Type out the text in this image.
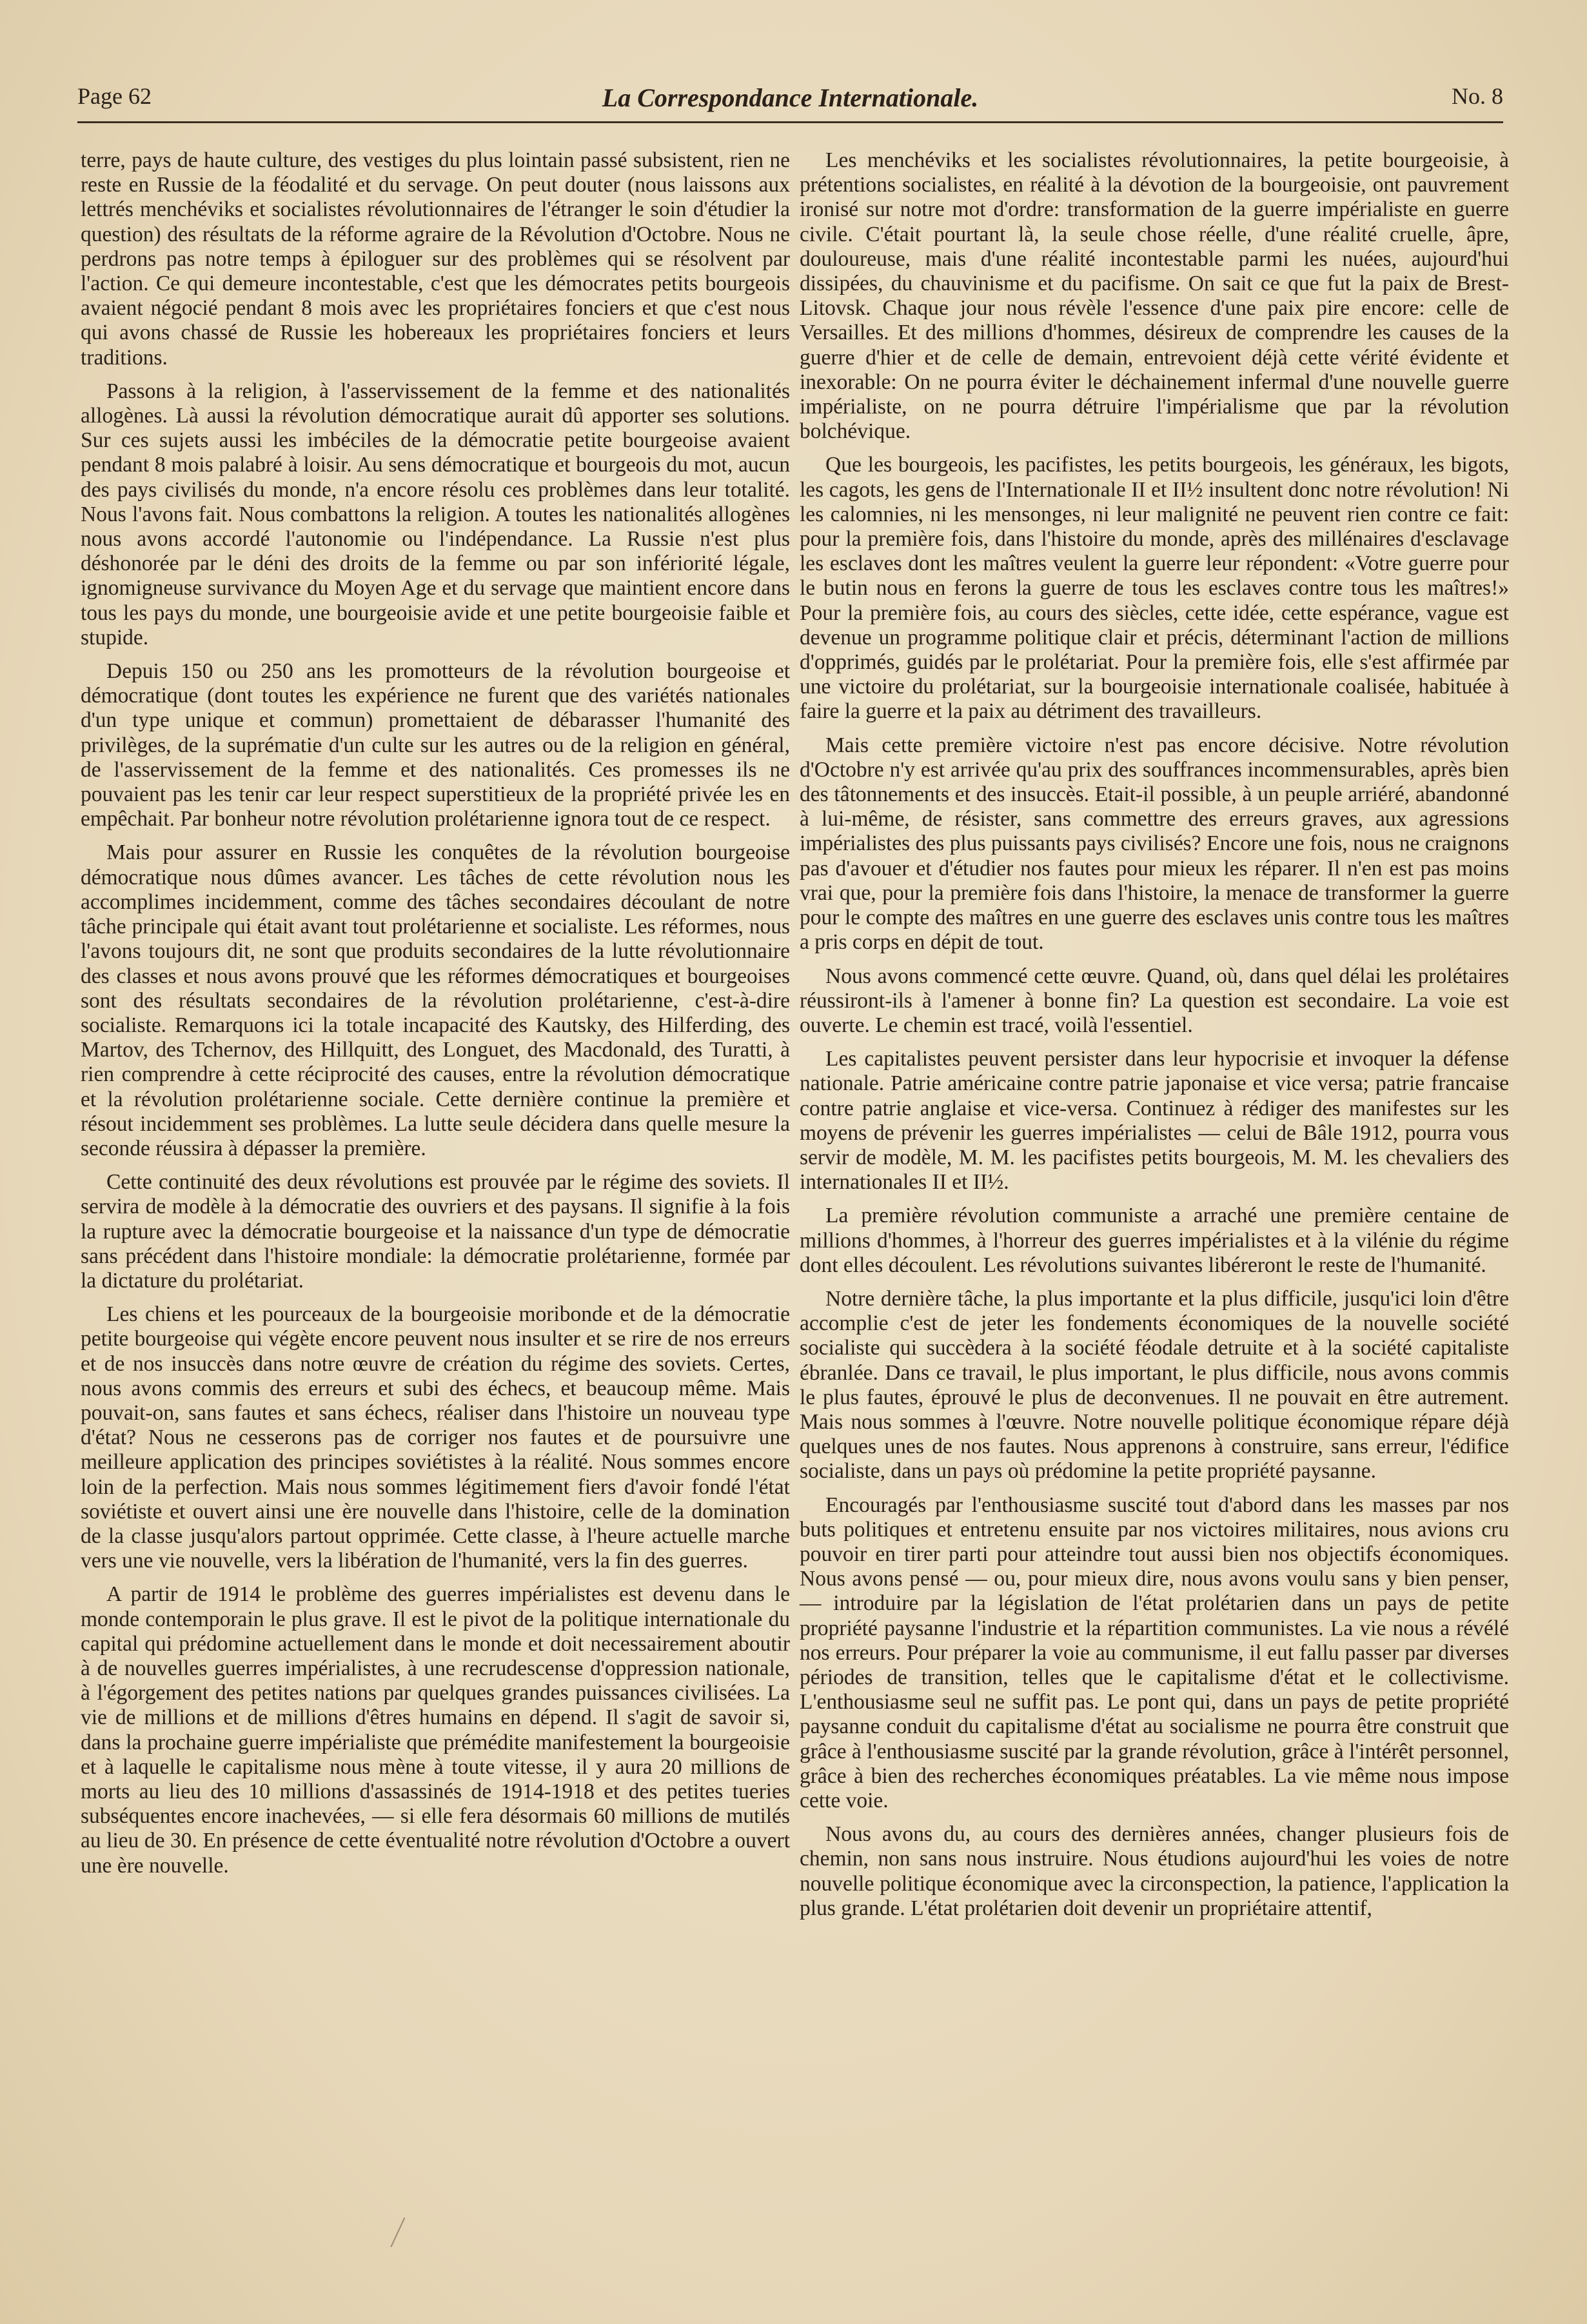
Page 62	La Correspondance Internationale.	No. 8

terre, pays de haute culture, des vestiges du plus lointain passé subsistent, rien ne reste en Russie de la féodalité et du servage. On peut douter (nous laissons aux lettrés menchéviks et socialistes révolutionnaires de l'étranger le soin d'étudier la question) des résultats de la réforme agraire de la Révolution d'Octobre. Nous ne perdrons pas notre temps à épiloguer sur des problèmes qui se résolvent par l'action. Ce qui demeure incontestable, c'est que les démocrates petits bourgeois avaient négocié pendant 8 mois avec les propriétaires fonciers et que c'est nous qui avons chassé de Russie les hobereaux les propriétaires fonciers et leurs traditions.

Passons à la religion, à l'asservissement de la femme et des nationalités allogènes. Là aussi la révolution démocratique aurait dû apporter ses solutions. Sur ces sujets aussi les imbéciles de la démocratie petite bourgeoise avaient pendant 8 mois palabré à loisir. Au sens démocratique et bourgeois du mot, aucun des pays civilisés du monde, n'a encore résolu ces problèmes dans leur totalité. Nous l'avons fait. Nous combattons la religion. A toutes les nationalités allogènes nous avons accordé l'autonomie ou l'indépendance. La Russie n'est plus déshonorée par le déni des droits de la femme ou par son infériorité légale, ignomigneuse survivance du Moyen Age et du servage que maintient encore dans tous les pays du monde, une bourgeoisie avide et une petite bourgeoisie faible et stupide.

Depuis 150 ou 250 ans les promotteurs de la révolution bourgeoise et démocratique (dont toutes les expérience ne furent que des variétés nationales d'un type unique et commun) promettaient de débarasser l'humanité des privilèges, de la suprématie d'un culte sur les autres ou de la religion en général, de l'asservissement de la femme et des nationalités. Ces promesses ils ne pouvaient pas les tenir car leur respect superstitieux de la propriété privée les en empêchait. Par bonheur notre révolution prolétarienne ignora tout de ce respect.

Mais pour assurer en Russie les conquêtes de la révolution bourgeoise démocratique nous dûmes avancer. Les tâches de cette révolution nous les accomplimes incidemment, comme des tâches secondaires découlant de notre tâche principale qui était avant tout prolétarienne et socialiste. Les réformes, nous l'avons toujours dit, ne sont que produits secondaires de la lutte révolutionnaire des classes et nous avons prouvé que les réformes démocratiques et bourgeoises sont des résultats secondaires de la révolution prolétarienne, c'est-à-dire socialiste. Remarquons ici la totale incapacité des Kautsky, des Hilferding, des Martov, des Tchernov, des Hillquitt, des Longuet, des Macdonald, des Turatti, à rien comprendre à cette réciprocité des causes, entre la révolution démocratique et la révolution prolétarienne sociale. Cette dernière continue la première et résout incidemment ses problèmes. La lutte seule décidera dans quelle mesure la seconde réussira à dépasser la première.

Cette continuité des deux révolutions est prouvée par le régime des soviets. Il servira de modèle à la démocratie des ouvriers et des paysans. Il signifie à la fois la rupture avec la démocratie bourgeoise et la naissance d'un type de démocratie sans précédent dans l'histoire mondiale: la démocratie prolétarienne, formée par la dictature du prolétariat.

Les chiens et les pourceaux de la bourgeoisie moribonde et de la démocratie petite bourgeoise qui végète encore peuvent nous insulter et se rire de nos erreurs et de nos insuccès dans notre œuvre de création du régime des soviets. Certes, nous avons commis des erreurs et subi des échecs, et beaucoup même. Mais pouvait-on, sans fautes et sans échecs, réaliser dans l'histoire un nouveau type d'état? Nous ne cesserons pas de corriger nos fautes et de poursuivre une meilleure application des principes soviétistes à la réalité. Nous sommes encore loin de la perfection. Mais nous sommes légitimement fiers d'avoir fondé l'état soviétiste et ouvert ainsi une ère nouvelle dans l'histoire, celle de la domination de la classe jusqu'alors partout opprimée. Cette classe, à l'heure actuelle marche vers une vie nouvelle, vers la libération de l'humanité, vers la fin des guerres.

A partir de 1914 le problème des guerres impérialistes est devenu dans le monde contemporain le plus grave. Il est le pivot de la politique internationale du capital qui prédomine actuellement dans le monde et doit necessairement aboutir à de nouvelles guerres impérialistes, à une recrudescense d'oppression nationale, à l'égorgement des petites nations par quelques grandes puissances civilisées. La vie de millions et de millions d'êtres humains en dépend. Il s'agit de savoir si, dans la prochaine guerre impérialiste que prémédite manifestement la bourgeoisie et à laquelle le capitalisme nous mène à toute vitesse, il y aura 20 millions de morts au lieu des 10 millions d'assassinés de 1914-1918 et des petites tueries subséquentes encore inachevées, — si elle fera désormais 60 millions de mutilés au lieu de 30. En présence de cette éventualité notre révolution d'Octobre a ouvert une ère nouvelle.

Les menchéviks et les socialistes révolutionnaires, la petite bourgeoisie, à prétentions socialistes, en réalité à la dévotion de la bourgeoisie, ont pauvrement ironisé sur notre mot d'ordre: transformation de la guerre impérialiste en guerre civile. C'était pourtant là, la seule chose réelle, d'une réalité cruelle, âpre, douloureuse, mais d'une réalité incontestable parmi les nuées, aujourd'hui dissipées, du chauvinisme et du pacifisme. On sait ce que fut la paix de Brest-Litovsk. Chaque jour nous révèle l'essence d'une paix pire encore: celle de Versailles. Et des millions d'hommes, désireux de comprendre les causes de la guerre d'hier et de celle de demain, entrevoient déjà cette vérité évidente et inexorable: On ne pourra éviter le déchainement infermal d'une nouvelle guerre impérialiste, on ne pourra détruire l'impérialisme que par la révolution bolchévique.

Que les bourgeois, les pacifistes, les petits bourgeois, les généraux, les bigots, les cagots, les gens de l'Internationale II et II½ insultent donc notre révolution! Ni les calomnies, ni les mensonges, ni leur malignité ne peuvent rien contre ce fait: pour la première fois, dans l'histoire du monde, après des millénaires d'esclavage les esclaves dont les maîtres veulent la guerre leur répondent: «Votre guerre pour le butin nous en ferons la guerre de tous les esclaves contre tous les maîtres!» Pour la première fois, au cours des siècles, cette idée, cette espérance, vague est devenue un programme politique clair et précis, déterminant l'action de millions d'opprimés, guidés par le prolétariat. Pour la première fois, elle s'est affirmée par une victoire du prolétariat, sur la bourgeoisie internationale coalisée, habituée à faire la guerre et la paix au détriment des travailleurs.

Mais cette première victoire n'est pas encore décisive. Notre révolution d'Octobre n'y est arrivée qu'au prix des souffrances incommensurables, après bien des tâtonnements et des insuccès. Etait-il possible, à un peuple arriéré, abandonné à lui-même, de résister, sans commettre des erreurs graves, aux agressions impérialistes des plus puissants pays civilisés? Encore une fois, nous ne craignons pas d'avouer et d'étudier nos fautes pour mieux les réparer. Il n'en est pas moins vrai que, pour la première fois dans l'histoire, la menace de transformer la guerre pour le compte des maîtres en une guerre des esclaves unis contre tous les maîtres a pris corps en dépit de tout.

Nous avons commencé cette œuvre. Quand, où, dans quel délai les prolétaires réussiront-ils à l'amener à bonne fin? La question est secondaire. La voie est ouverte. Le chemin est tracé, voilà l'essentiel.

Les capitalistes peuvent persister dans leur hypocrisie et invoquer la défense nationale. Patrie américaine contre patrie japonaise et vice versa; patrie francaise contre patrie anglaise et vice-versa. Continuez à rédiger des manifestes sur les moyens de prévenir les guerres impérialistes — celui de Bâle 1912, pourra vous servir de modèle, M. M. les pacifistes petits bourgeois, M. M. les chevaliers des internationales II et II½.

La première révolution communiste a arraché une première centaine de millions d'hommes, à l'horreur des guerres impérialistes et à la vilénie du régime dont elles découlent. Les révolutions suivantes libéreront le reste de l'humanité.

Notre dernière tâche, la plus importante et la plus difficile, jusqu'ici loin d'être accomplie c'est de jeter les fondements économiques de la nouvelle société socialiste qui succèdera à la société féodale detruite et à la société capitaliste ébranlée. Dans ce travail, le plus important, le plus difficile, nous avons commis le plus fautes, éprouvé le plus de deconvenues. Il ne pouvait en être autrement. Mais nous sommes à l'œuvre. Notre nouvelle politique économique répare déjà quelques unes de nos fautes. Nous apprenons à construire, sans erreur, l'édifice socialiste, dans un pays où prédomine la petite propriété paysanne.

Encouragés par l'enthousiasme suscité tout d'abord dans les masses par nos buts politiques et entretenu ensuite par nos victoires militaires, nous avions cru pouvoir en tirer parti pour atteindre tout aussi bien nos objectifs économiques. Nous avons pensé — ou, pour mieux dire, nous avons voulu sans y bien penser, — introduire par la législation de l'état prolétarien dans un pays de petite propriété paysanne l'industrie et la répartition communistes. La vie nous a révélé nos erreurs. Pour préparer la voie au communisme, il eut fallu passer par diverses périodes de transition, telles que le capitalisme d'état et le collectivisme. L'enthousiasme seul ne suffit pas. Le pont qui, dans un pays de petite propriété paysanne conduit du capitalisme d'état au socialisme ne pourra être construit que grâce à l'enthousiasme suscité par la grande révolution, grâce à l'intérêt personnel, grâce à bien des recherches économiques préatables. La vie même nous impose cette voie.

Nous avons du, au cours des dernières années, changer plusieurs fois de chemin, non sans nous instruire. Nous étudions aujourd'hui les voies de notre nouvelle politique économique avec la circonspection, la patience, l'application la plus grande. L'état prolétarien doit devenir un propriétaire attentif,
